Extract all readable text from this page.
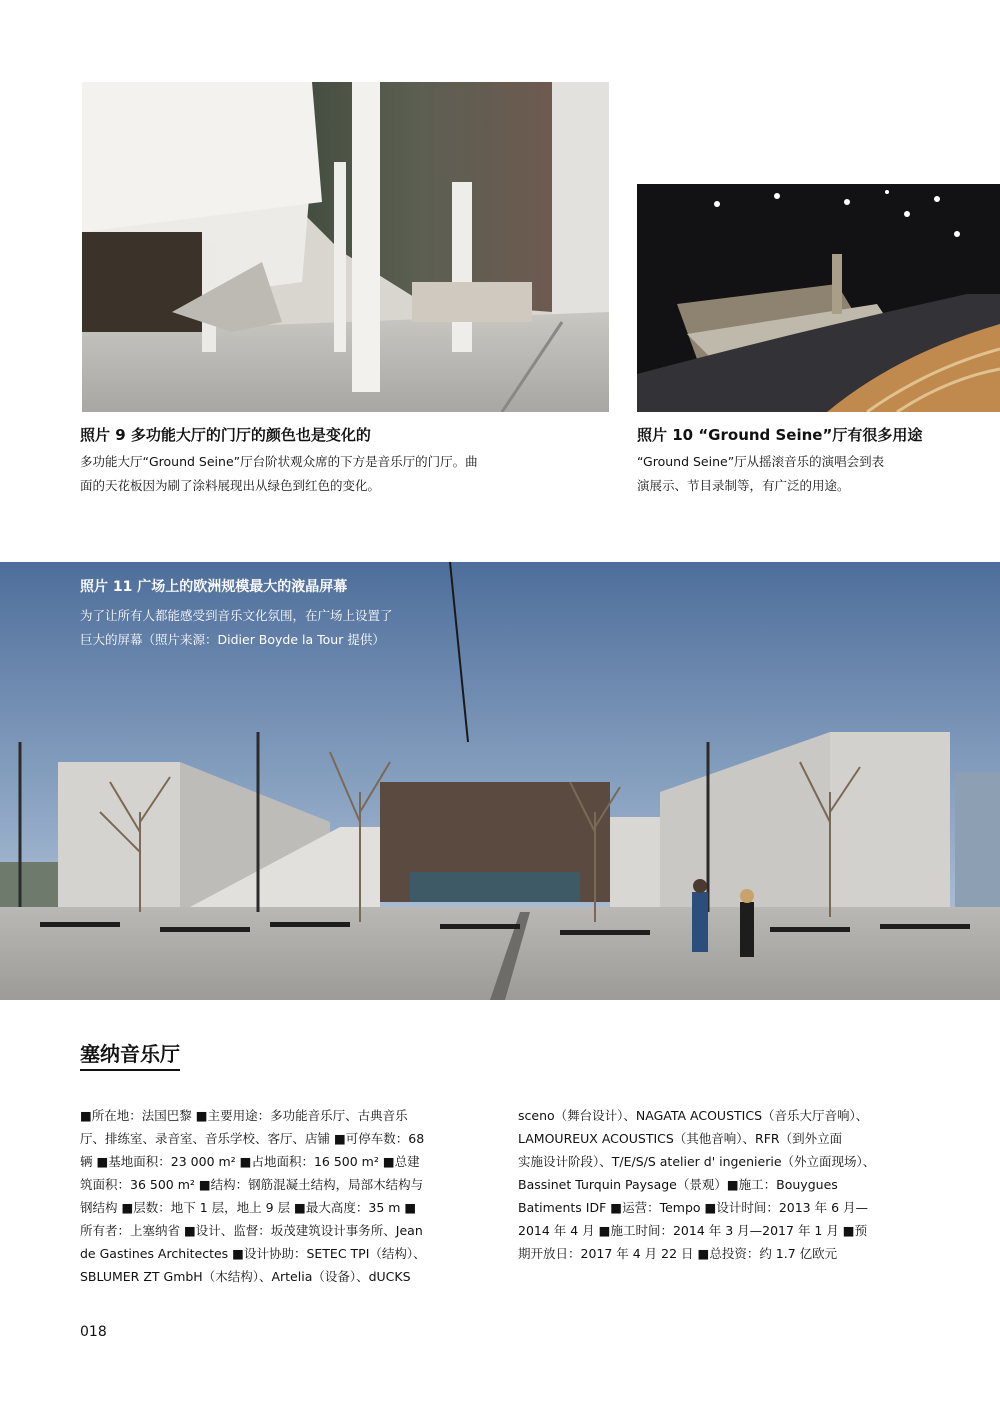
照片 9 多功能大厅的门厅的颜色也是变化的

多功能大厅“Ground Seine”厅台阶状观众席的下方是音乐厅的门厅。曲

面的天花板因为刷了涂料展现出从绿色到红色的变化。

照片 10 “Ground Seine”厅有很多用途

“Ground Seine”厅从摇滚音乐的演唱会到表

演展示、节目录制等，有广泛的用途。

照片 11 广场上的欧洲规模最大的液晶屏幕

为了让所有人都能感受到音乐文化氛围，在广场上设置了

巨大的屏幕（照片来源：Didier Boyde la Tour 提供）

塞纳音乐厅

■所在地：法国巴黎 ■主要用途：多功能音乐厅、古典音乐

厅、排练室、录音室、音乐学校、客厅、店铺 ■可停车数：68

辆 ■基地面积：23 000 m² ■占地面积：16 500 m² ■总建

筑面积：36 500 m² ■结构：钢筋混凝土结构，局部木结构与

钢结构 ■层数：地下 1 层，地上 9 层 ■最大高度：35 m ■

所有者：上塞纳省 ■设计、监督：坂茂建筑设计事务所、Jean

de Gastines Architectes ■设计协助：SETEC TPI（结构）、

SBLUMER ZT GmbH（木结构）、Artelia（设备）、dUCKS

sceno（舞台设计）、NAGATA ACOUSTICS（音乐大厅音响）、

LAMOUREUX ACOUSTICS（其他音响）、RFR（到外立面

实施设计阶段）、T/E/S/S atelier d' ingenierie（外立面现场）、

Bassinet Turquin Paysage（景观）■施工：Bouygues

Batiments IDF ■运营：Tempo ■设计时间：2013 年 6 月—

2014 年 4 月 ■施工时间：2014 年 3 月—2017 年 1 月 ■预

期开放日：2017 年 4 月 22 日 ■总投资：约 1.7 亿欧元

018
